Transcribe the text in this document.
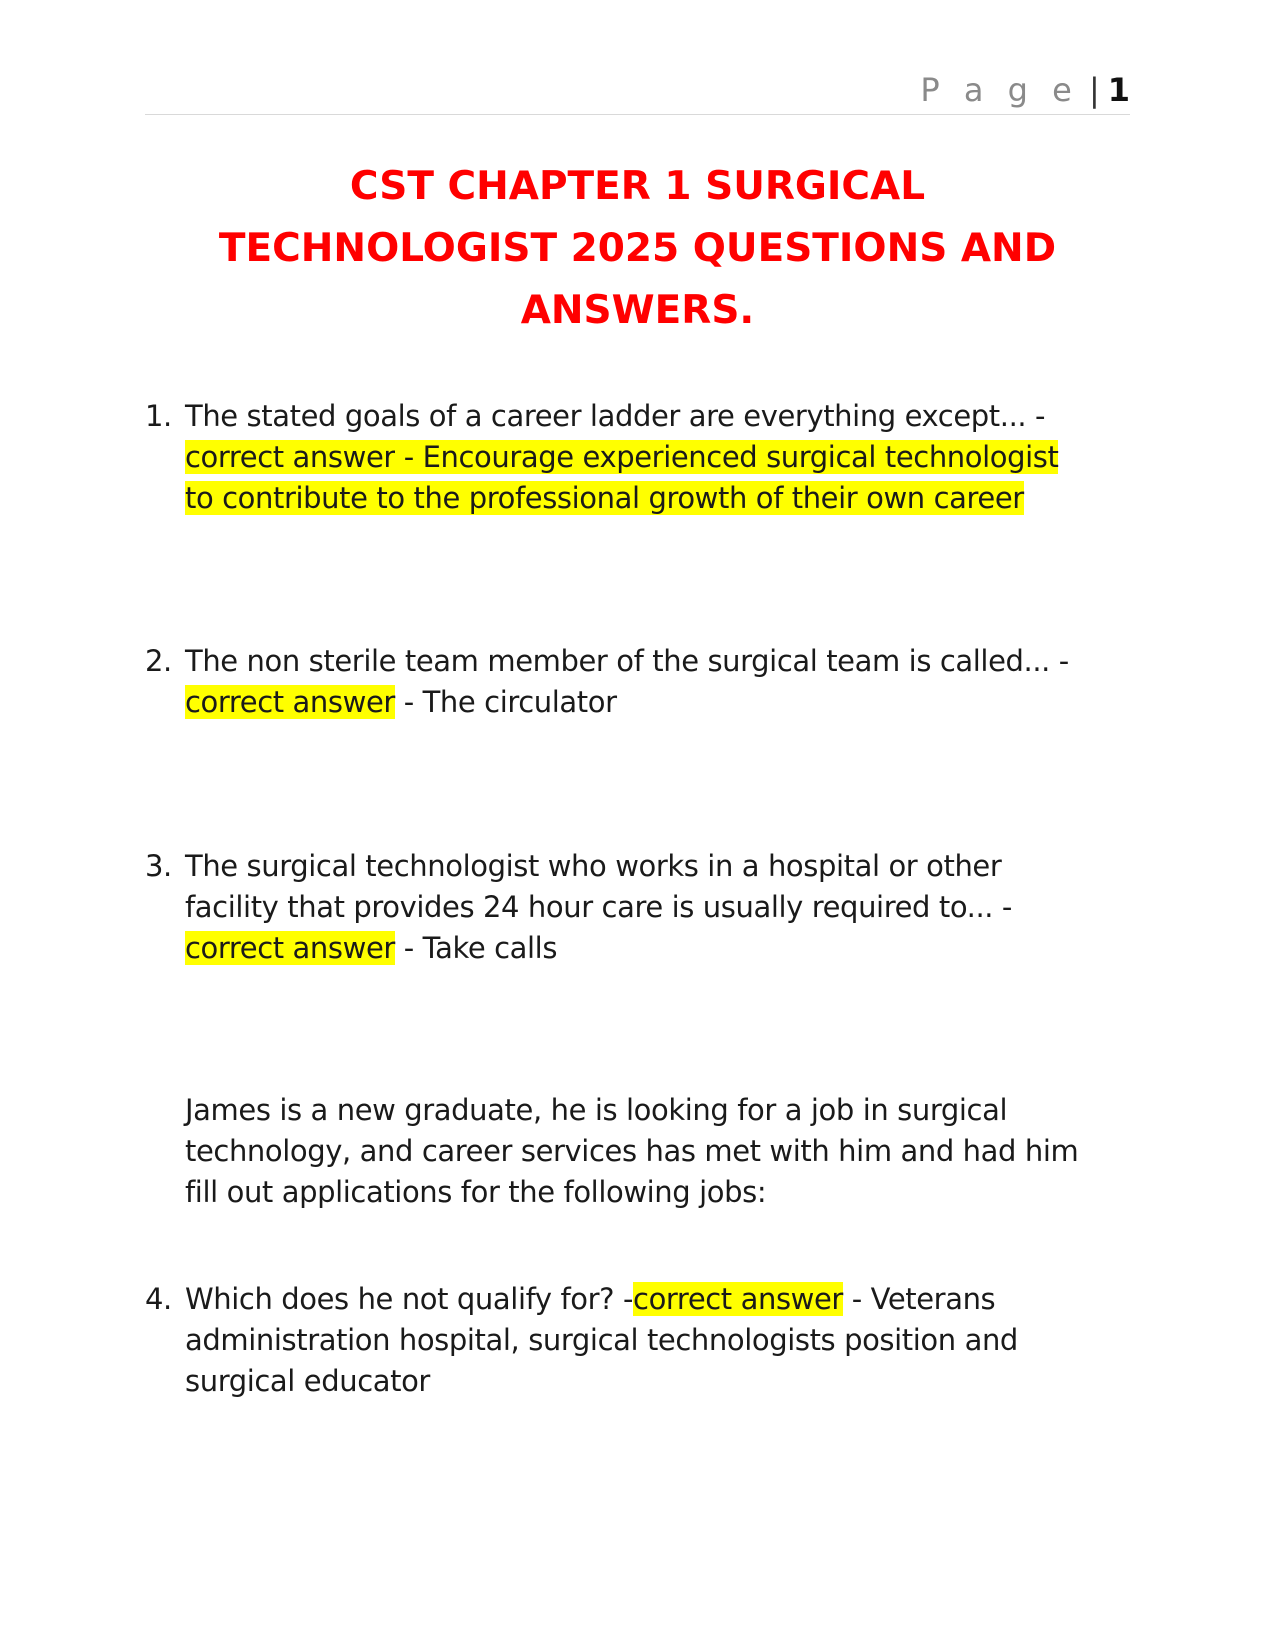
P a g e | 1
CST CHAPTER 1 SURGICAL
TECHNOLOGIST 2025 QUESTIONS AND
ANSWERS.
1. The stated goals of a career ladder are everything except... -
correct answer - Encourage experienced surgical technologist
to contribute to the professional growth of their own career
2. The non sterile team member of the surgical team is called... -
correct answer - The circulator
3. The surgical technologist who works in a hospital or other
facility that provides 24 hour care is usually required to... -
correct answer - Take calls
James is a new graduate, he is looking for a job in surgical
technology, and career services has met with him and had him
fill out applications for the following jobs:
4. Which does he not qualify for? -correct answer - Veterans
administration hospital, surgical technologists position and
surgical educator
